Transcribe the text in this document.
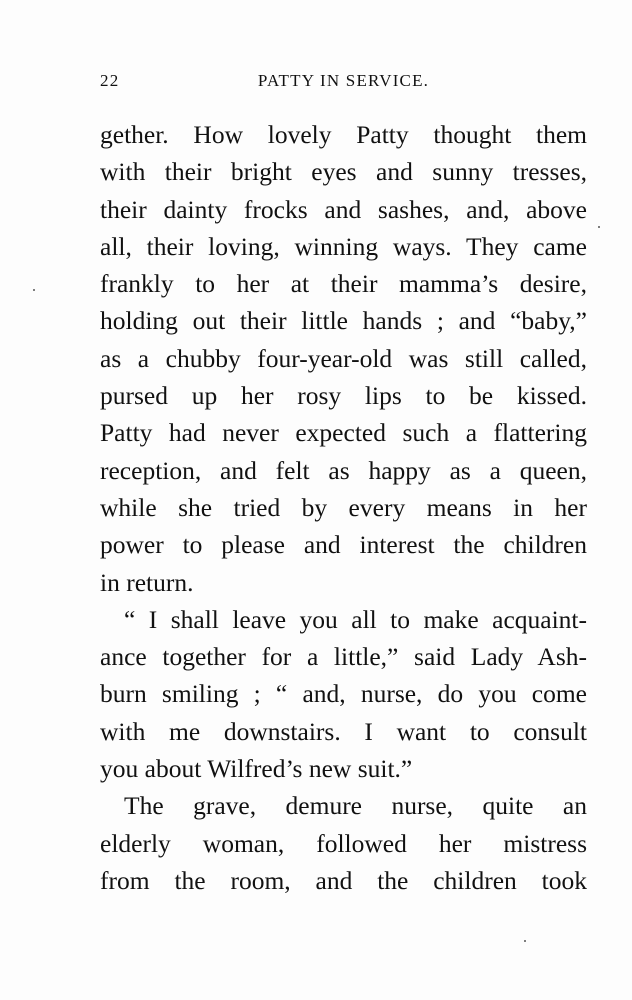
22	PATTY IN SERVICE.
gether. How lovely Patty thought them
with their bright eyes and sunny tresses,
their dainty frocks and sashes, and, above
all, their loving, winning ways. They came
frankly to her at their mamma’s desire,
holding out their little hands ; and “baby,”
as a chubby four-year-old was still called,
pursed up her rosy lips to be kissed.
Patty had never expected such a flattering
reception, and felt as happy as a queen,
while she tried by every means in her
power to please and interest the children
in return.
“ I shall leave you all to make acquaint-
ance together for a little,” said Lady Ash-
burn smiling ; “ and, nurse, do you come
with me downstairs. I want to consult
you about Wilfred’s new suit.”
The grave, demure nurse, quite an
elderly woman, followed her mistress
from the room, and the children took
